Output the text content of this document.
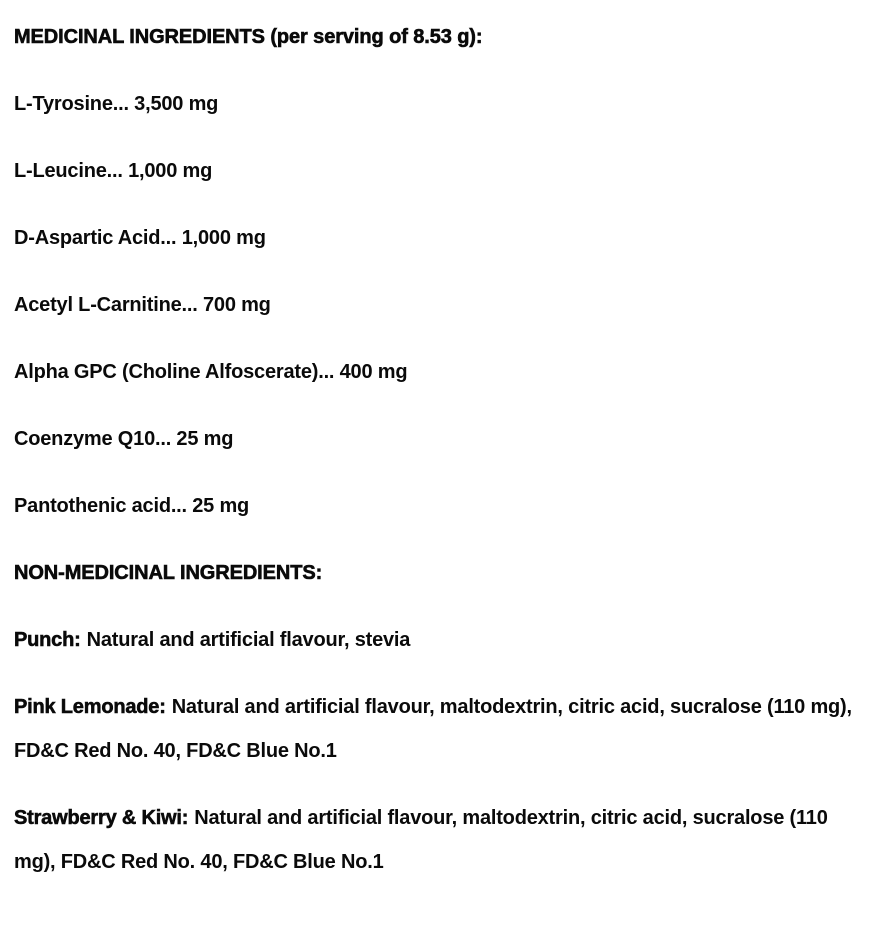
MEDICINAL INGREDIENTS (per serving of 8.53 g):
L-Tyrosine... 3,500 mg
L-Leucine... 1,000 mg
D-Aspartic Acid... 1,000 mg
Acetyl L-Carnitine... 700 mg
Alpha GPC (Choline Alfoscerate)... 400 mg
Coenzyme Q10... 25 mg
Pantothenic acid... 25 mg
NON-MEDICINAL INGREDIENTS:
Punch: Natural and artificial flavour, stevia
Pink Lemonade: Natural and artificial flavour, maltodextrin, citric acid, sucralose (110 mg), FD&C Red No. 40, FD&C Blue No.1
Strawberry & Kiwi: Natural and artificial flavour, maltodextrin, citric acid, sucralose (110 mg), FD&C Red No. 40, FD&C Blue No.1
